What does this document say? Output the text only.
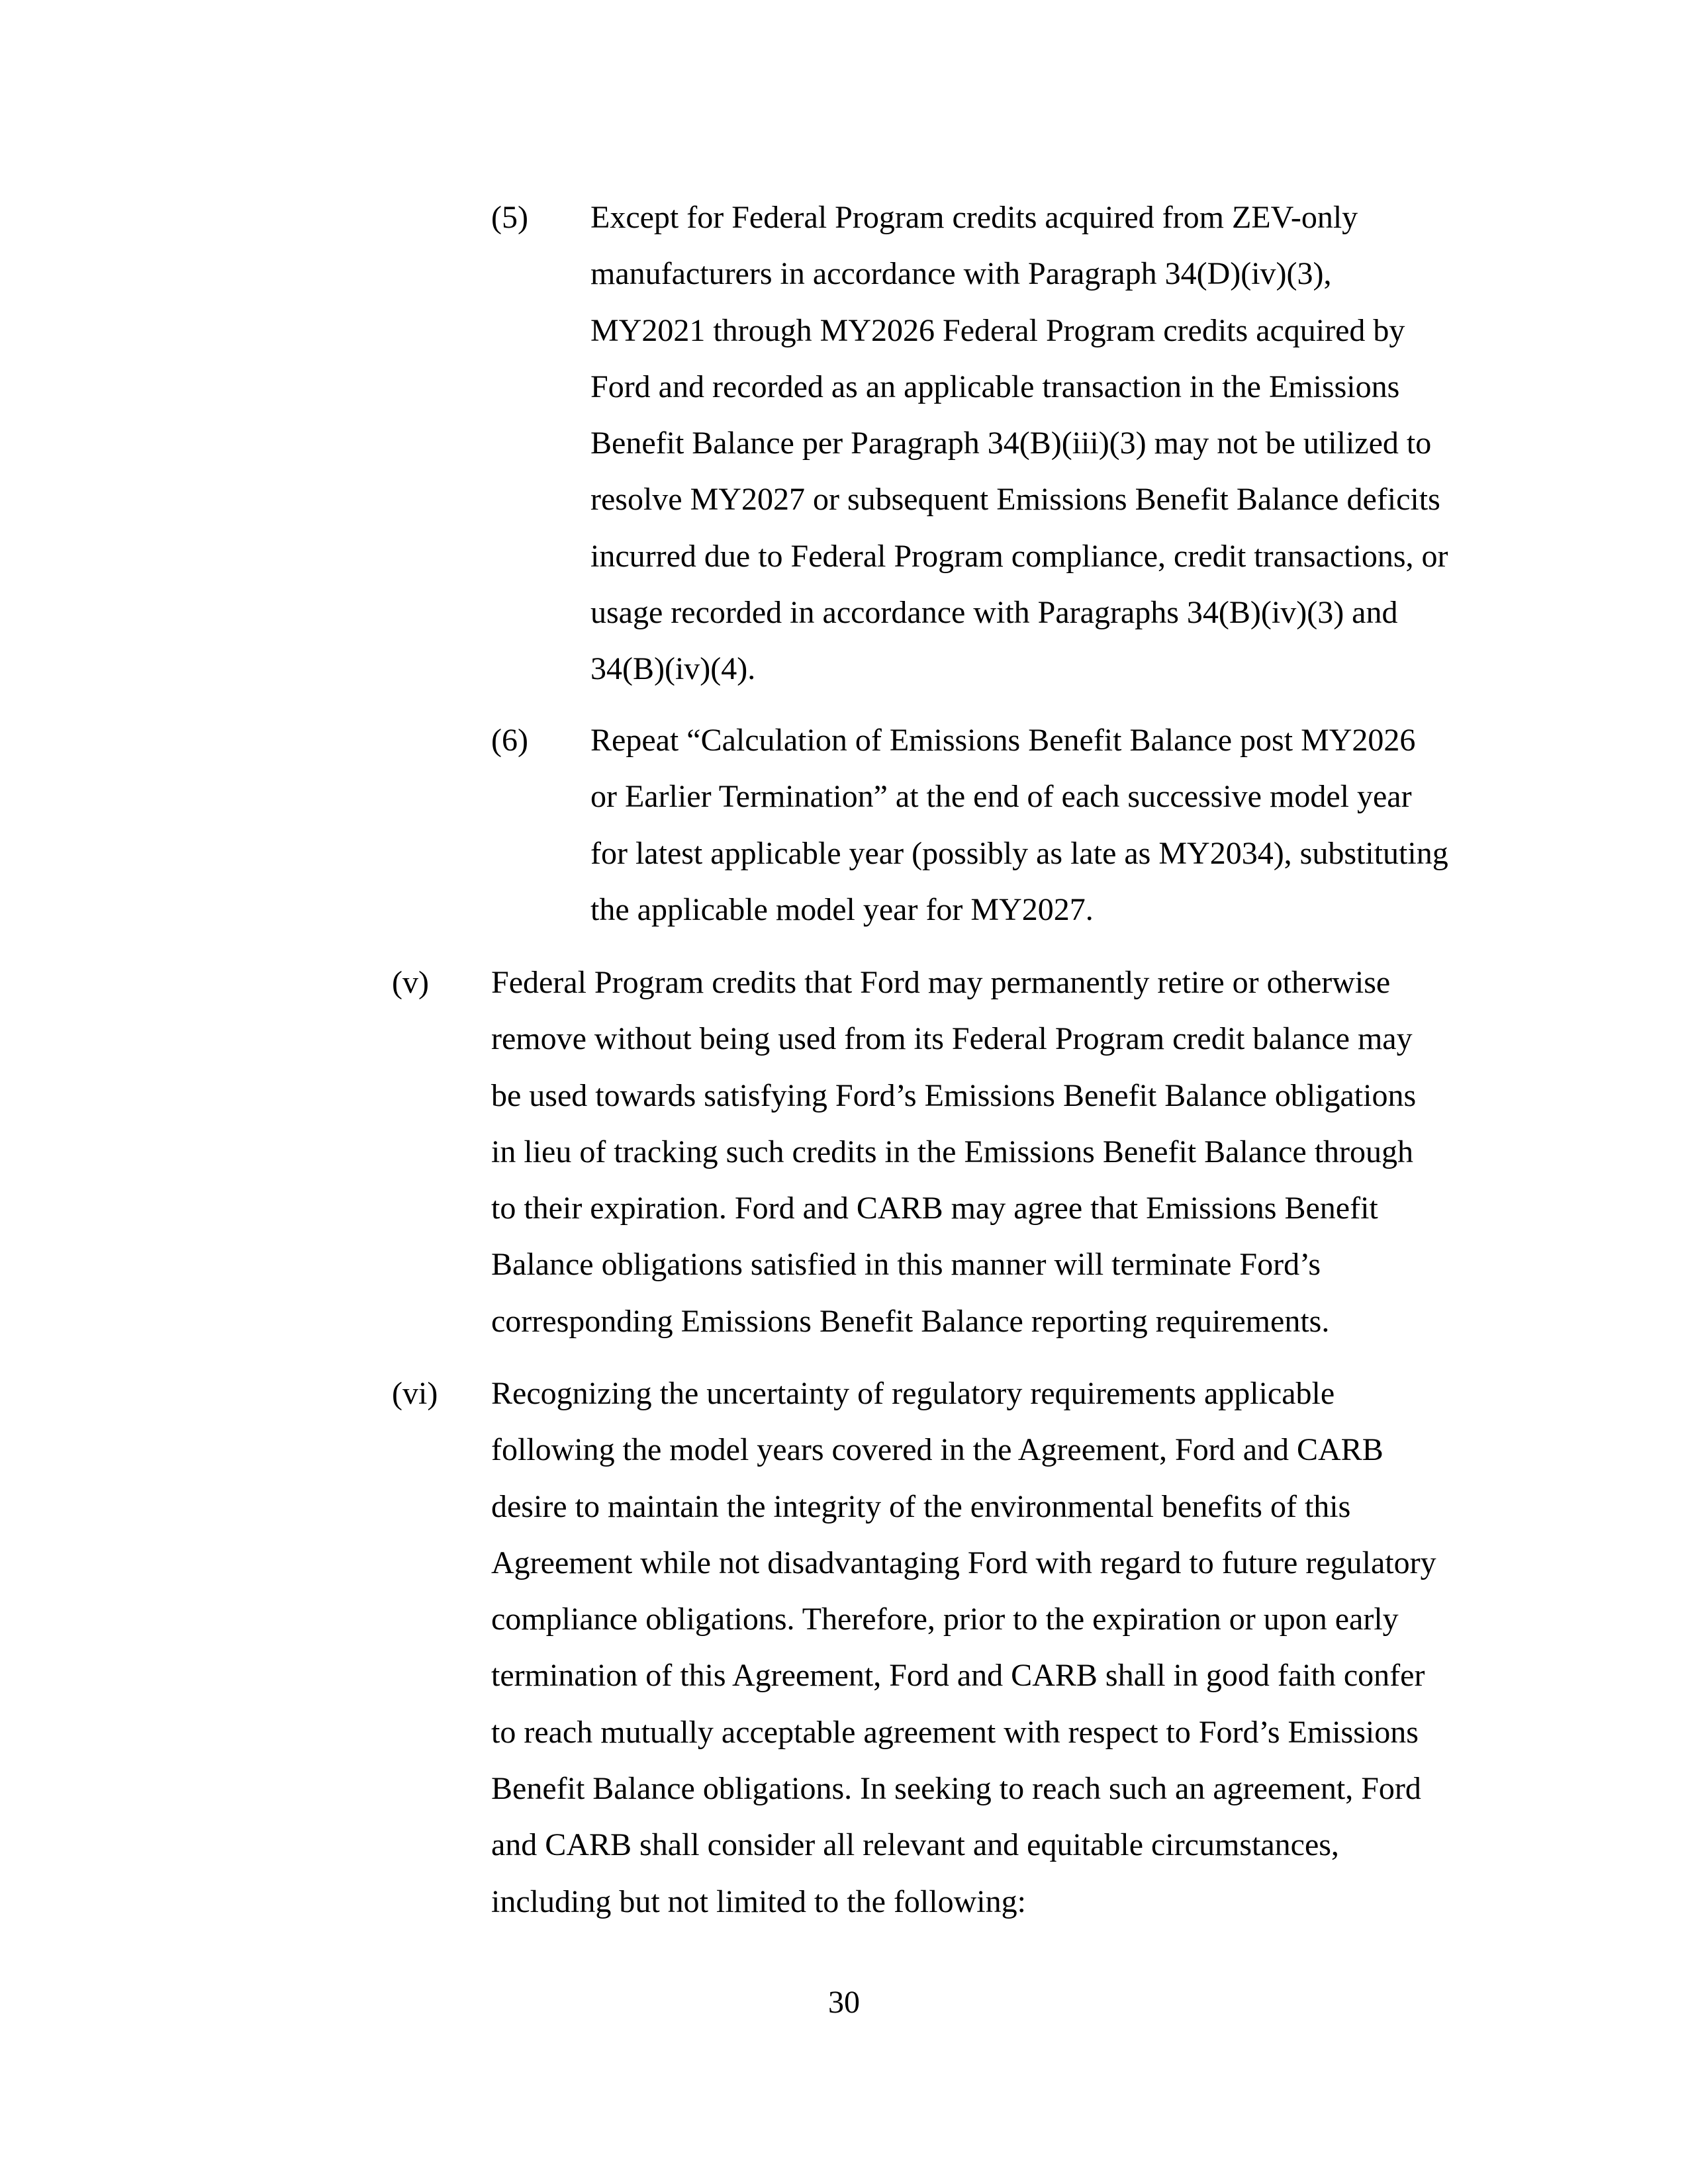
(5) Except for Federal Program credits acquired from ZEV-only
manufacturers in accordance with Paragraph 34(D)(iv)(3),
MY2021 through MY2026 Federal Program credits acquired by
Ford and recorded as an applicable transaction in the Emissions
Benefit Balance per Paragraph 34(B)(iii)(3) may not be utilized to
resolve MY2027 or subsequent Emissions Benefit Balance deficits
incurred due to Federal Program compliance, credit transactions, or
usage recorded in accordance with Paragraphs 34(B)(iv)(3) and
34(B)(iv)(4).
(6) Repeat “Calculation of Emissions Benefit Balance post MY2026
or Earlier Termination” at the end of each successive model year
for latest applicable year (possibly as late as MY2034), substituting
the applicable model year for MY2027.
(v) Federal Program credits that Ford may permanently retire or otherwise
remove without being used from its Federal Program credit balance may
be used towards satisfying Ford’s Emissions Benefit Balance obligations
in lieu of tracking such credits in the Emissions Benefit Balance through
to their expiration. Ford and CARB may agree that Emissions Benefit
Balance obligations satisfied in this manner will terminate Ford’s
corresponding Emissions Benefit Balance reporting requirements.
(vi) Recognizing the uncertainty of regulatory requirements applicable
following the model years covered in the Agreement, Ford and CARB
desire to maintain the integrity of the environmental benefits of this
Agreement while not disadvantaging Ford with regard to future regulatory
compliance obligations. Therefore, prior to the expiration or upon early
termination of this Agreement, Ford and CARB shall in good faith confer
to reach mutually acceptable agreement with respect to Ford’s Emissions
Benefit Balance obligations. In seeking to reach such an agreement, Ford
and CARB shall consider all relevant and equitable circumstances,
including but not limited to the following:
30
